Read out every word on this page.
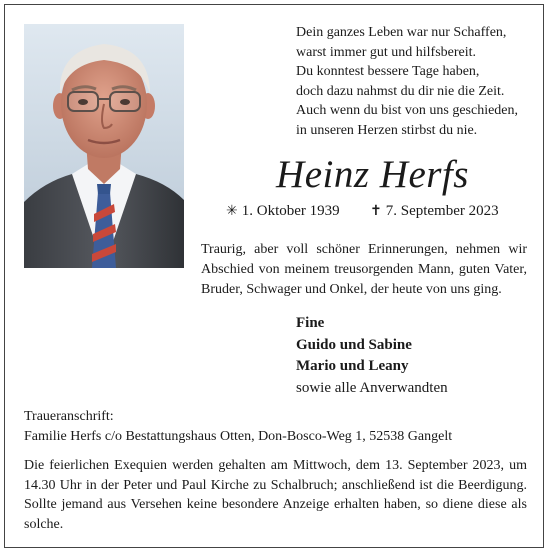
Dein ganzes Leben war nur Schaffen,
warst immer gut und hilfsbereit.
Du konntest bessere Tage haben,
doch dazu nahmst du dir nie die Zeit.
Auch wenn du bist von uns geschieden,
in unseren Herzen stirbst du nie.
Heinz Herfs
✳ 1. Oktober 1939 ✝ 7. September 2023

Traurig, aber voll schöner Erinnerungen, nehmen wir Abschied von meinem treusorgenden Mann, guten Vater, Bruder, Schwager und Onkel, der heute von uns ging.

Fine
Guido und Sabine
Mario und Leany
sowie alle Anverwandten
Traueranschrift:
Familie Herfs c/o Bestattungshaus Otten, Don-Bosco-Weg 1, 52538 Gangelt

Die feierlichen Exequien werden gehalten am Mittwoch, dem 13. September 2023, um 14.30 Uhr in der Peter und Paul Kirche zu Schalbruch; anschließend ist die Beerdigung. Sollte jemand aus Versehen keine besondere Anzeige erhalten haben, so diene diese als solche.
